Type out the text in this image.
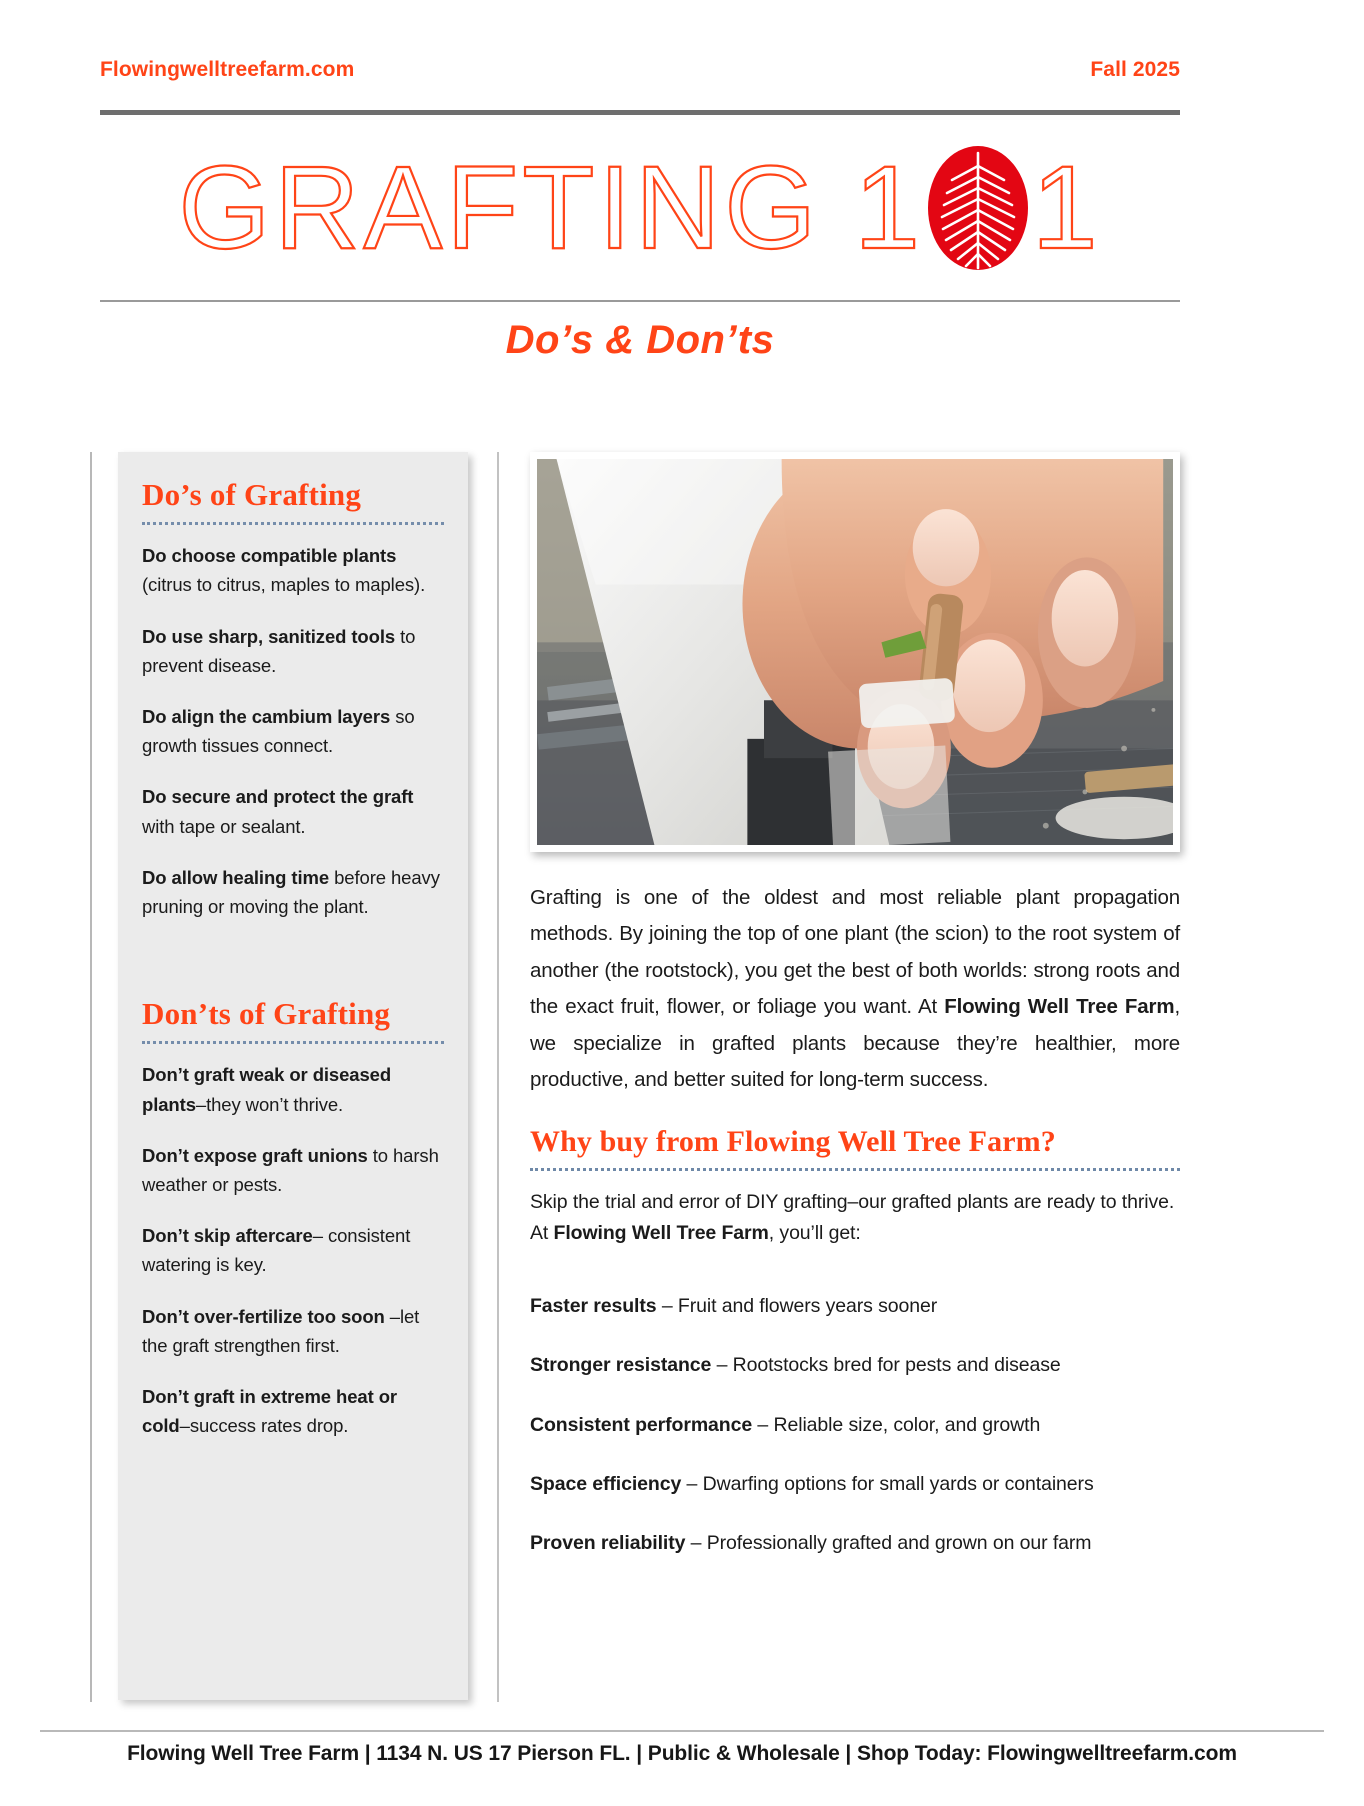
Flowingwelltreefarm.com	Fall 2025
GRAFTING 1 1
Do’s & Don’ts
Do’s of Grafting
Do choose compatible plants (citrus to citrus, maples to maples).
Do use sharp, sanitized tools to prevent disease.
Do align the cambium layers so growth tissues connect.
Do secure and protect the graft with tape or sealant.
Do allow healing time before heavy pruning or moving the plant.
Don’ts of Grafting
Don’t graft weak or diseased plants–they won’t thrive.
Don’t expose graft unions to harsh weather or pests.
Don’t skip aftercare– consistent watering is key.
Don’t over-fertilize too soon –let the graft strengthen first.
Don’t graft in extreme heat or cold–success rates drop.
Grafting is one of the oldest and most reliable plant propagation methods. By joining the top of one plant (the scion) to the root system of another (the rootstock), you get the best of both worlds: strong roots and the exact fruit, flower, or foliage you want. At Flowing Well Tree Farm, we specialize in grafted plants because they’re healthier, more productive, and better suited for long-term success.
Why buy from Flowing Well Tree Farm?
Skip the trial and error of DIY grafting–our grafted plants are ready to thrive. At Flowing Well Tree Farm, you’ll get:
Faster results – Fruit and flowers years sooner
Stronger resistance – Rootstocks bred for pests and disease
Consistent performance – Reliable size, color, and growth
Space efficiency – Dwarfing options for small yards or containers
Proven reliability – Professionally grafted and grown on our farm
Flowing Well Tree Farm | 1134 N. US 17 Pierson FL. | Public & Wholesale | Shop Today: Flowingwelltreefarm.com
